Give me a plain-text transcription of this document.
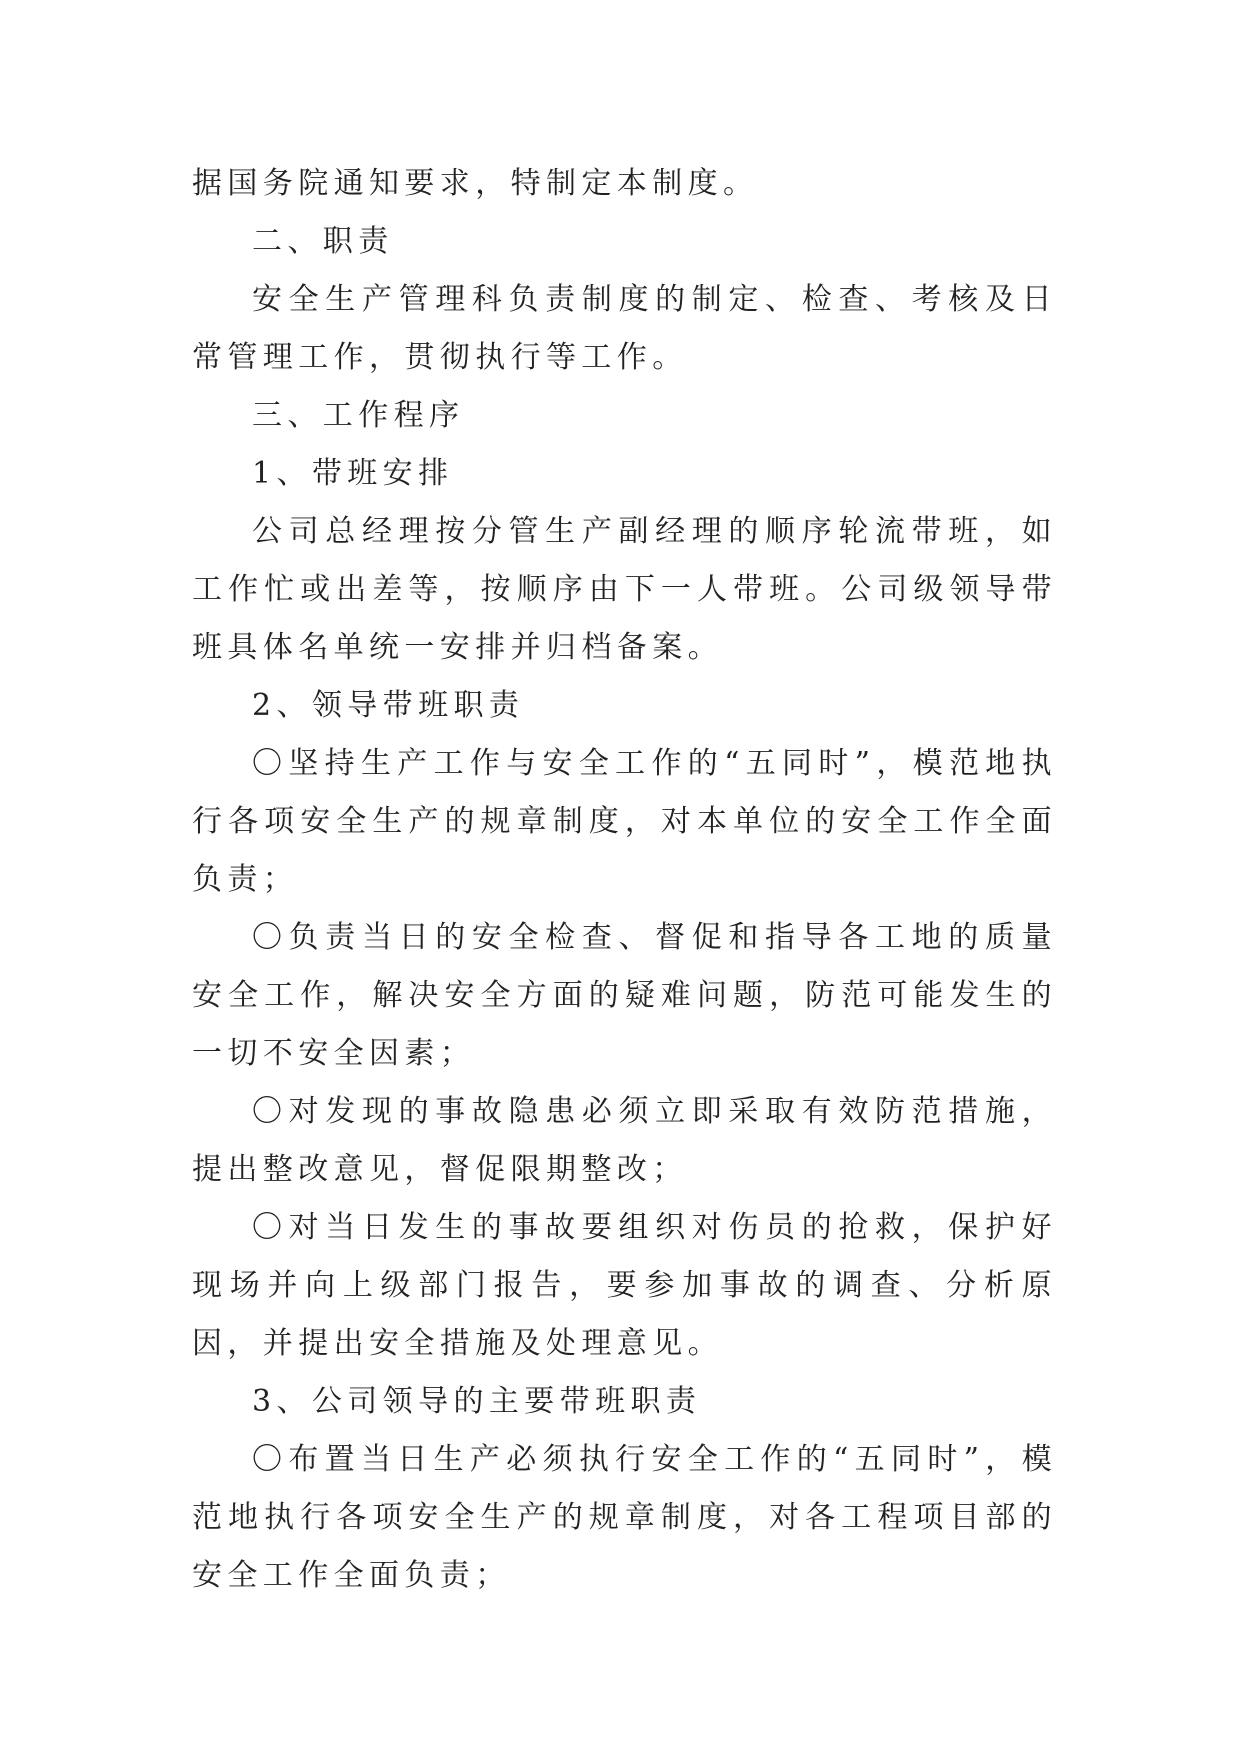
据国务院通知要求，特制定本制度。

二、职责

安全生产管理科负责制度的制定、检查、考核及日常管理工作，贯彻执行等工作。

三、工作程序

1、带班安排

公司总经理按分管生产副经理的顺序轮流带班，如工作忙或出差等，按顺序由下一人带班。公司级领导带班具体名单统一安排并归档备案。

2、领导带班职责

〇坚持生产工作与安全工作的“五同时”，模范地执行各项安全生产的规章制度，对本单位的安全工作全面负责；

〇负责当日的安全检查、督促和指导各工地的质量安全工作，解决安全方面的疑难问题，防范可能发生的一切不安全因素；

〇对发现的事故隐患必须立即采取有效防范措施，提出整改意见，督促限期整改；

〇对当日发生的事故要组织对伤员的抢救，保护好现场并向上级部门报告，要参加事故的调查、分析原因，并提出安全措施及处理意见。

3、公司领导的主要带班职责

〇布置当日生产必须执行安全工作的“五同时”，模范地执行各项安全生产的规章制度，对各工程项目部的安全工作全面负责；
